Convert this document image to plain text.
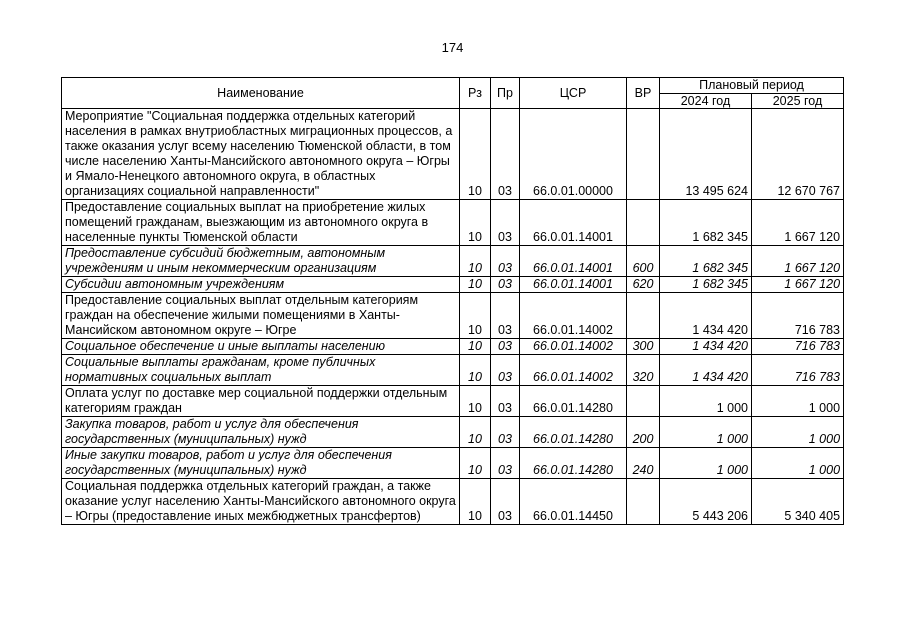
174
Наименование	Рз	Пр	ЦСР	ВР	Плановый период	
					2024 год	2025 год
Мероприятие "Социальная поддержка отдельных категорий населения в рамках внутриобластных миграционных процессов, а также оказания услуг всему населению Тюменской области, в том числе населению Ханты-Мансийского автономного округа – Югры и Ямало-Ненецкого автономного округа, в областных организациях социальной направленности"	10	03	66.0.01.00000		13 495 624	12 670 767
Предоставление социальных выплат на приобретение жилых помещений гражданам, выезжающим из автономного округа в населенные пункты Тюменской области	10	03	66.0.01.14001		1 682 345	1 667 120
Предоставление субсидий бюджетным, автономным учреждениям и иным некоммерческим организациям	10	03	66.0.01.14001	600	1 682 345	1 667 120
Субсидии автономным учреждениям	10	03	66.0.01.14001	620	1 682 345	1 667 120
Предоставление социальных выплат отдельным категориям граждан на обеспечение жилыми помещениями в Ханты-Мансийском автономном округе – Югре	10	03	66.0.01.14002		1 434 420	716 783
Социальное обеспечение и иные выплаты населению	10	03	66.0.01.14002	300	1 434 420	716 783
Социальные выплаты гражданам, кроме публичных нормативных социальных выплат	10	03	66.0.01.14002	320	1 434 420	716 783
Оплата услуг по доставке мер социальной поддержки отдельным категориям граждан	10	03	66.0.01.14280		1 000	1 000
Закупка товаров, работ и услуг для обеспечения государственных (муниципальных) нужд	10	03	66.0.01.14280	200	1 000	1 000
Иные закупки товаров, работ и услуг для обеспечения государственных (муниципальных) нужд	10	03	66.0.01.14280	240	1 000	1 000
Социальная поддержка отдельных категорий граждан, а также оказание услуг населению Ханты-Мансийского автономного округа – Югры (предоставление иных межбюджетных трансфертов)	10	03	66.0.01.14450		5 443 206	5 340 405
